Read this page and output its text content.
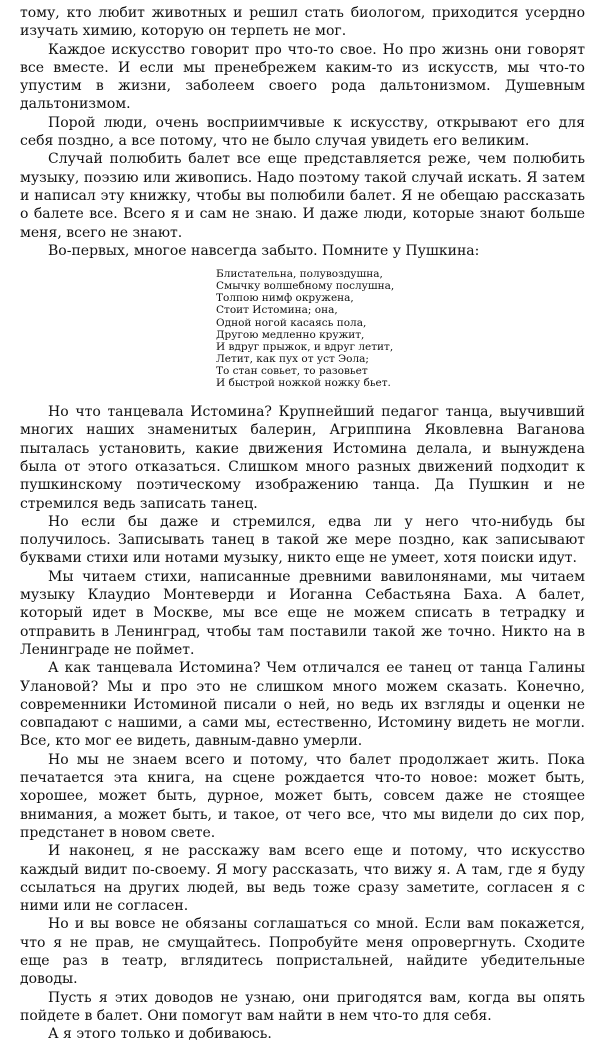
тому, кто любит животных и решил стать биологом, приходится усердно изучать химию, которую он терпеть не мог.

Каждое искусство говорит про что-то свое. Но про жизнь они говорят все вместе. И если мы пренебрежем каким-то из искусств, мы что-то упустим в жизни, заболеем своего рода дальтонизмом. Душевным дальтонизмом.

Порой люди, очень восприимчивые к искусству, открывают его для себя поздно, а все потому, что не было случая увидеть его великим.

Случай полюбить балет все еще представляется реже, чем полюбить музыку, поэзию или живопись. Надо поэтому такой случай искать. Я затем и написал эту книжку, чтобы вы полюбили балет. Я не обещаю рассказать о балете все. Всего я и сам не знаю. И даже люди, которые знают больше меня, всего не знают.

Во-первых, многое навсегда забыто. Помните у Пушкина:

Блистательна, полувоздушна,
Смычку волшебному послушна,
Толпою нимф окружена,
Стоит Истомина; она,
Одной ногой касаясь пола,
Другою медленно кружит,
И вдруг прыжок, и вдруг летит,
Летит, как пух от уст Эола;
То стан совьет, то разовьет
И быстрой ножкой ножку бьет.

Но что танцевала Истомина? Крупнейший педагог танца, выучивший многих наших знаменитых балерин, Агриппина Яковлевна Ваганова пыталась установить, какие движения Истомина делала, и вынуждена была от этого отказаться. Слишком много разных движений подходит к пушкинскому поэтическому изображению танца. Да Пушкин и не стремился ведь записать танец.

Но если бы даже и стремился, едва ли у него что-нибудь бы получилось. Записывать танец в такой же мере поздно, как записывают буквами стихи или нотами музыку, никто еще не умеет, хотя поиски идут.

Мы читаем стихи, написанные древними вавилонянами, мы читаем музыку Клаудио Монтеверди и Иоганна Себастьяна Баха. А балет, который идет в Москве, мы все еще не можем списать в тетрадку и отправить в Ленинград, чтобы там поставили такой же точно. Никто на в Ленинграде не поймет.

А как танцевала Истомина? Чем отличался ее танец от танца Галины Улановой? Мы и про это не слишком много можем сказать. Конечно, современники Истоминой писали о ней, но ведь их взгляды и оценки не совпадают с нашими, а сами мы, естественно, Истомину видеть не могли. Все, кто мог ее видеть, давным-давно умерли.

Но мы не знаем всего и потому, что балет продолжает жить. Пока печатается эта книга, на сцене рождается что-то новое: может быть, хорошее, может быть, дурное, может быть, совсем даже не стоящее внимания, а может быть, и такое, от чего все, что мы видели до сих пор, предстанет в новом свете.

И наконец, я не расскажу вам всего еще и потому, что искусство каждый видит по-своему. Я могу рассказать, что вижу я. А там, где я буду ссылаться на других людей, вы ведь тоже сразу заметите, согласен я с ними или не согласен.

Но и вы вовсе не обязаны соглашаться со мной. Если вам покажется, что я не прав, не смущайтесь. Попробуйте меня опровергнуть. Сходите еще раз в театр, вглядитесь попристальней, найдите убедительные доводы.

Пусть я этих доводов не узнаю, они пригодятся вам, когда вы опять пойдете в балет. Они помогут вам найти в нем что-то для себя.

А я этого только и добиваюсь.
